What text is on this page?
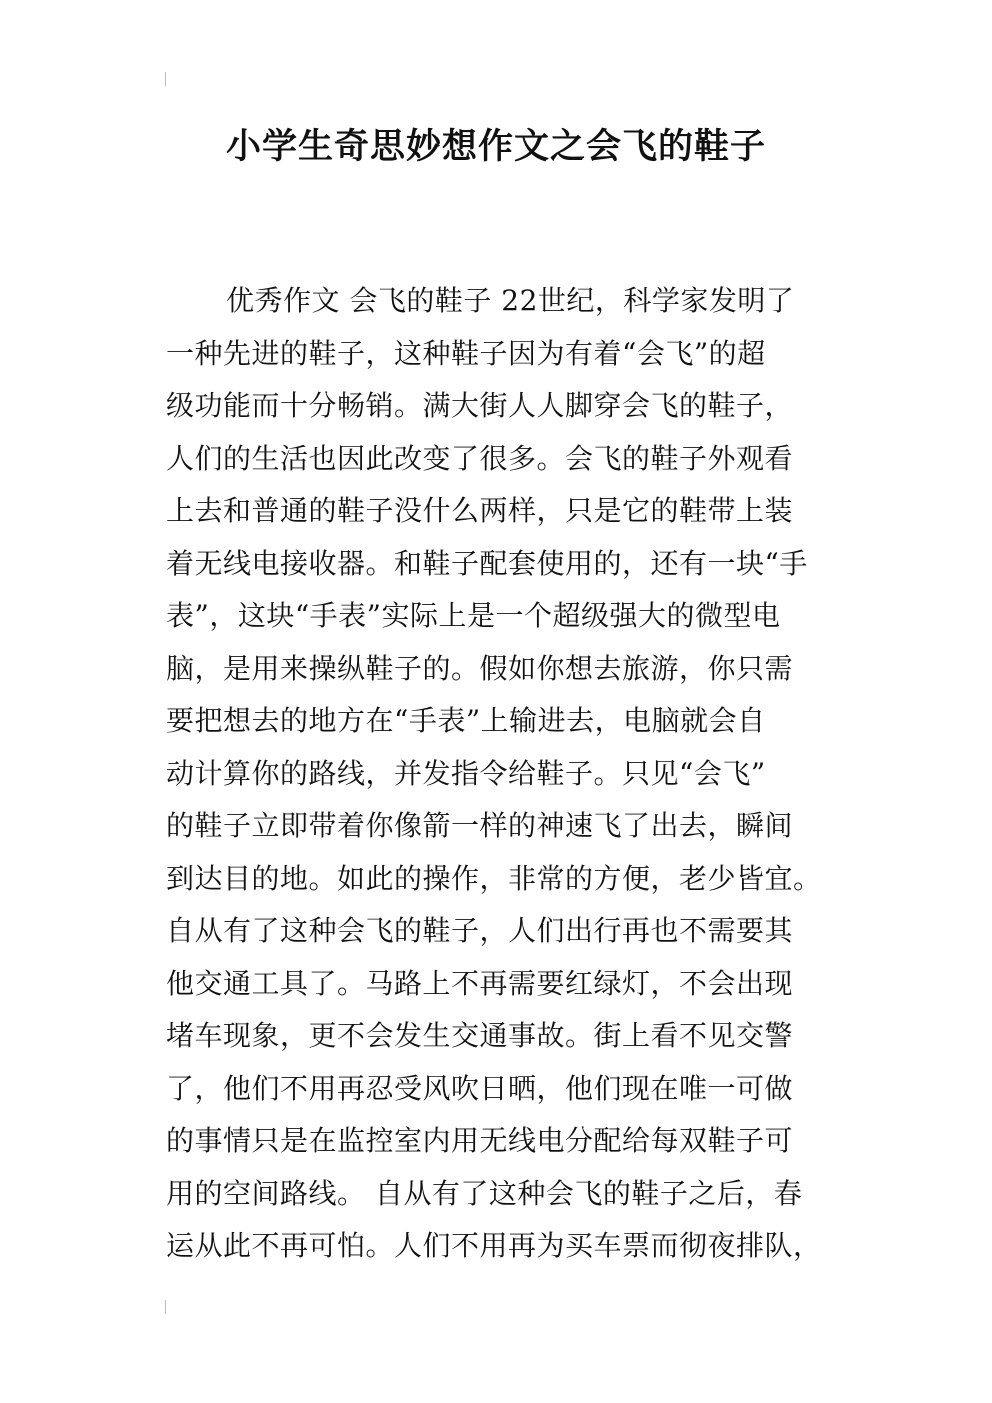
小学生奇思妙想作文之会飞的鞋子
优秀作文 会飞的鞋子 22世纪，科学家发明了
一种先进的鞋子，这种鞋子因为有着“会飞”的超
级功能而十分畅销。满大街人人脚穿会飞的鞋子，
人们的生活也因此改变了很多。会飞的鞋子外观看
上去和普通的鞋子没什么两样，只是它的鞋带上装
着无线电接收器。和鞋子配套使用的，还有一块“手
表”，这块“手表”实际上是一个超级强大的微型电
脑，是用来操纵鞋子的。假如你想去旅游，你只需
要把想去的地方在“手表”上输进去，电脑就会自
动计算你的路线，并发指令给鞋子。只见“会飞”
的鞋子立即带着你像箭一样的神速飞了出去，瞬间
到达目的地。如此的操作，非常的方便，老少皆宜。
自从有了这种会飞的鞋子，人们出行再也不需要其
他交通工具了。马路上不再需要红绿灯，不会出现
堵车现象，更不会发生交通事故。街上看不见交警
了，他们不用再忍受风吹日晒，他们现在唯一可做
的事情只是在监控室内用无线电分配给每双鞋子可
用的空间路线。 自从有了这种会飞的鞋子之后，春
运从此不再可怕。人们不用再为买车票而彻夜排队，
